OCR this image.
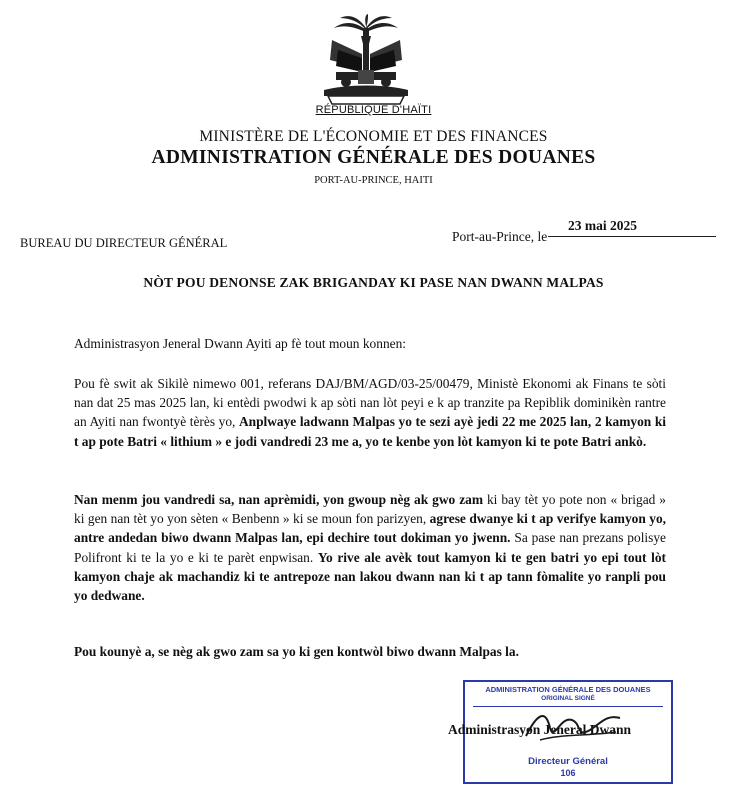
RÉPUBLIQUE D'HAÏTI
MINISTÈRE DE L'ÉCONOMIE ET DES FINANCES
ADMINISTRATION GÉNÉRALE DES DOUANES
PORT-AU-PRINCE, HAITI
BUREAU DU DIRECTEUR GÉNÉRAL	Port-au-Prince, le
23 mai 2025
NÒT POU DENONSE ZAK BRIGANDAY KI PASE NAN DWANN MALPAS
Administrasyon Jeneral Dwann Ayiti ap fè tout moun konnen:
Pou fè swit ak Sikilè nimewo 001, referans DAJ/BM/AGD/03-25/00479, Ministè Ekonomi ak Finans te sòti nan dat 25 mas 2025 lan, ki entèdi pwodwi k ap sòti nan lòt peyi e k ap tranzite pa Repiblik dominikèn rantre an Ayiti nan fwontyè tèrès yo, Anplwaye ladwann Malpas yo te sezi ayè jedi 22 me 2025 lan, 2 kamyon ki t ap pote Batri « lithium » e jodi vandredi 23 me a, yo te kenbe yon lòt kamyon ki te pote Batri ankò.
Nan menm jou vandredi sa, nan aprèmidi, yon gwoup nèg ak gwo zam ki bay tèt yo pote non « brigad » ki gen nan tèt yo yon sèten « Benbenn » ki se moun fon parizyen, agrese dwanye ki t ap verifye kamyon yo, antre andedan biwo dwann Malpas lan, epi dechire tout dokiman yo jwenn. Sa pase nan prezans polisye Polifront ki te la yo e ki te parèt enpwisan. Yo rive ale avèk tout kamyon ki te gen batri yo epi tout lòt kamyon chaje ak machandiz ki te antrepoze nan lakou dwann nan ki t ap tann fòmalite yo ranpli pou yo dedwane.
Pou kounyè a, se nèg ak gwo zam sa yo ki gen kontwòl biwo dwann Malpas la.
ADMINISTRATION GÉNÉRALE DES DOUANES
ORIGINAL SIGNÉ
Directeur Général
106
Administrasyon Jeneral Dwann
